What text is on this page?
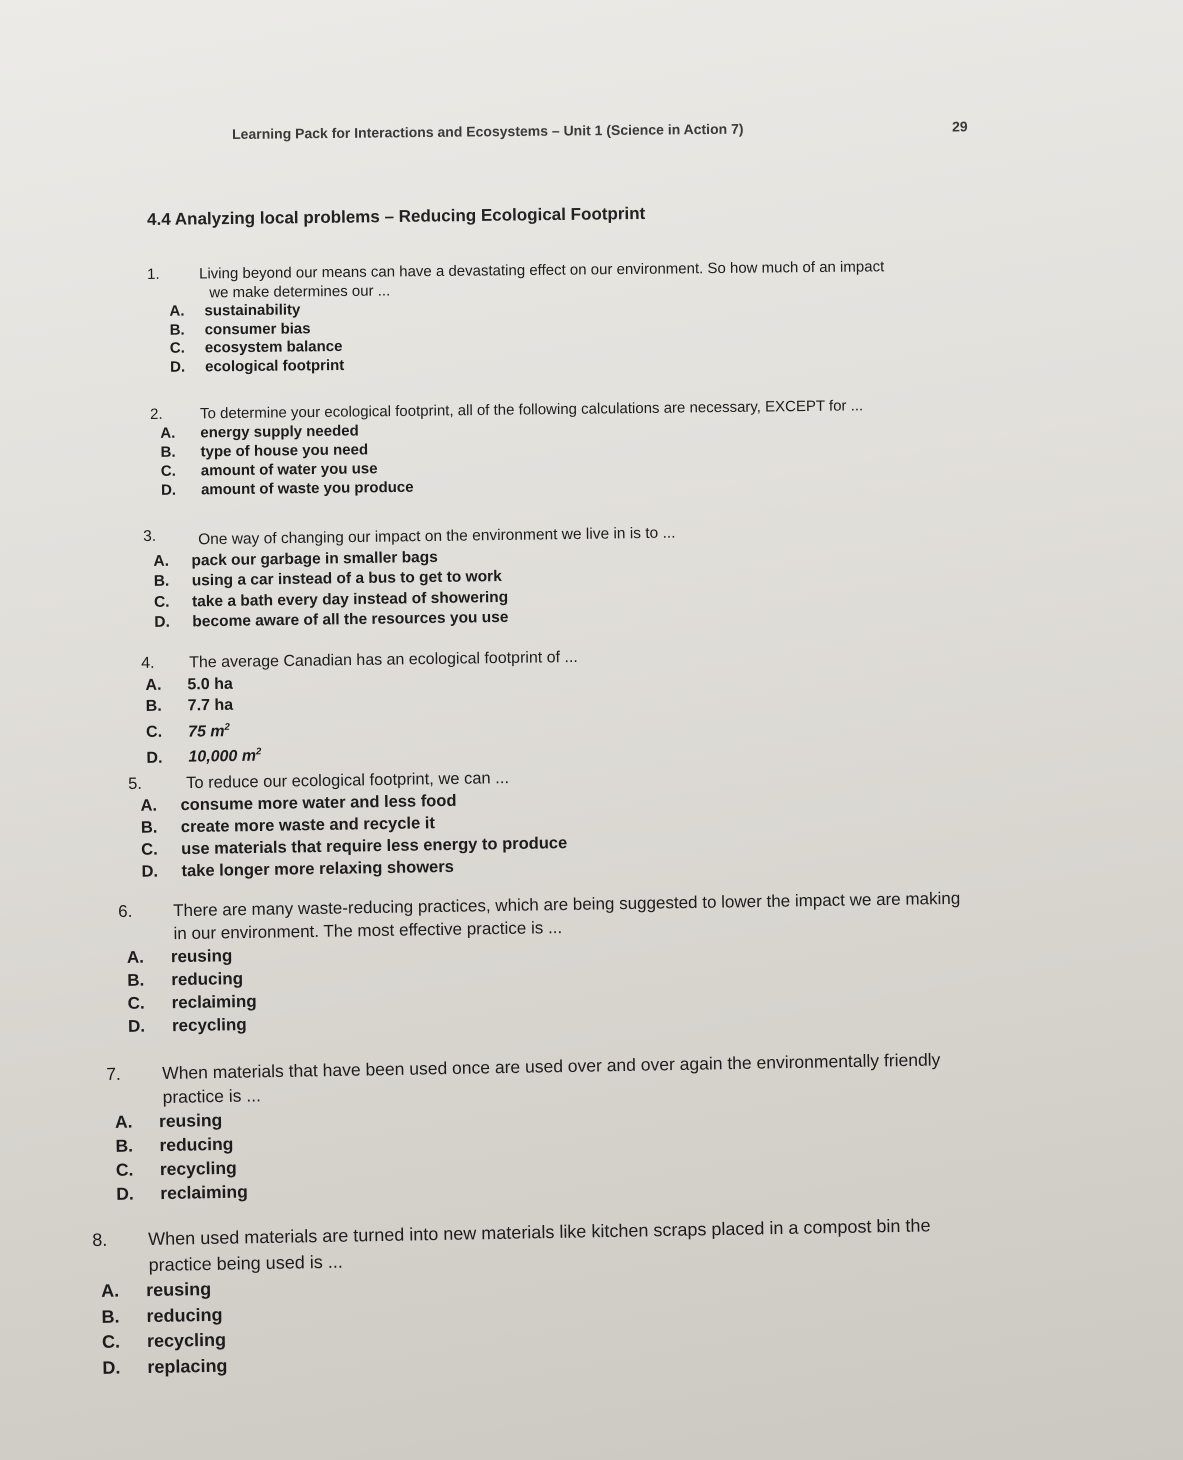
Learning Pack for Interactions and Ecosystems – Unit 1 (Science in Action 7)	29
4.4 Analyzing local problems – Reducing Ecological Footprint
1.	Living beyond our means can have a devastating effect on our environment. So how much of an impact
we make determines our ...
A. sustainability
B. consumer bias
C. ecosystem balance
D. ecological footprint
2. To determine your ecological footprint, all of the following calculations are necessary, EXCEPT for ...
A. energy supply needed
B. type of house you need
C. amount of water you use
D. amount of waste you produce
3.	One way of changing our impact on the environment we live in is to ...
A. pack our garbage in smaller bags
B. using a car instead of a bus to get to work
C. take a bath every day instead of showering
D. become aware of all the resources you use
4. The average Canadian has an ecological footprint of ...
A. 5.0 ha
B. 7.7 ha
C. 75 $m^2$
D. 10,000 $m^2$
5.	To reduce our ecological footprint, we can ...
A. consume more water and less food
B. create more waste and recycle it
C. use materials that require less energy to produce
D. take longer more relaxing showers
6. There are many waste-reducing practices, which are being suggested to lower the impact we are making
in our environment. The most effective practice is ...
A. reusing
B. reducing
C. reclaiming
D. recycling
7. When materials that have been used once are used over and over again the environmentally friendly
practice is ...
A. reusing
B. reducing
C. recycling
D. reclaiming
8. When used materials are turned into new materials like kitchen scraps placed in a compost bin the
practice being used is ...
A. reusing
B. reducing
C. recycling
D. replacing
